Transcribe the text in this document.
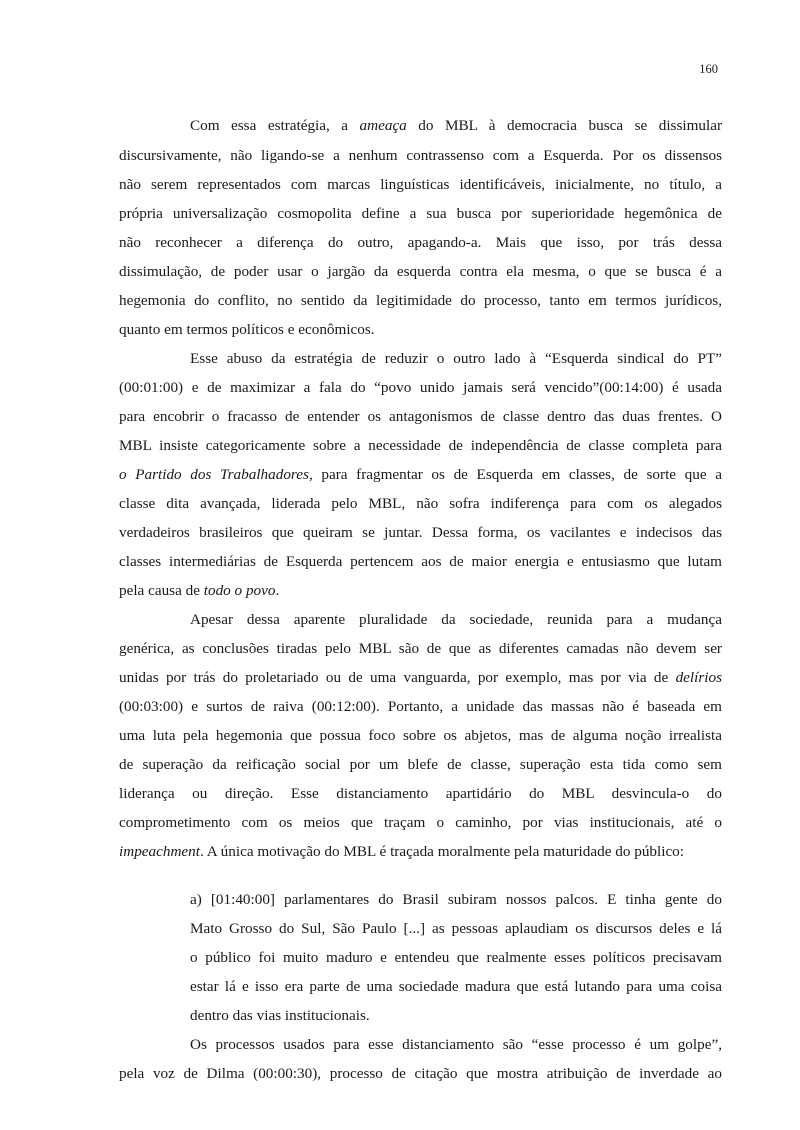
160
Com essa estratégia, a ameaça do MBL à democracia busca se dissimular
discursivamente, não ligando-se a nenhum contrassenso com a Esquerda. Por os dissensos
não serem representados com marcas linguísticas identificáveis, inicialmente, no título, a
própria universalização cosmopolita define a sua busca por superioridade hegemônica de
não reconhecer a diferença do outro, apagando-a. Mais que isso, por trás dessa
dissimulação, de poder usar o jargão da esquerda contra ela mesma, o que se busca é a
hegemonia do conflito, no sentido da legitimidade do processo, tanto em termos jurídicos,
quanto em termos políticos e econômicos.
Esse abuso da estratégia de reduzir o outro lado à “Esquerda sindical do PT”
(00:01:00) e de maximizar a fala do “povo unido jamais será vencido”(00:14:00) é usada
para encobrir o fracasso de entender os antagonismos de classe dentro das duas frentes. O
MBL insiste categoricamente sobre a necessidade de independência de classe completa para
o Partido dos Trabalhadores, para fragmentar os de Esquerda em classes, de sorte que a
classe dita avançada, liderada pelo MBL, não sofra indiferença para com os alegados
verdadeiros brasileiros que queiram se juntar. Dessa forma, os vacilantes e indecisos das
classes intermediárias de Esquerda pertencem aos de maior energia e entusiasmo que lutam
pela causa de todo o povo.
Apesar dessa aparente pluralidade da sociedade, reunida para a mudança
genérica, as conclusões tiradas pelo MBL são de que as diferentes camadas não devem ser
unidas por trás do proletariado ou de uma vanguarda, por exemplo, mas por via de delírios
(00:03:00) e surtos de raiva (00:12:00). Portanto, a unidade das massas não é baseada em
uma luta pela hegemonia que possua foco sobre os abjetos, mas de alguma noção irrealista
de superação da reificação social por um blefe de classe, superação esta tida como sem
liderança ou direção. Esse distanciamento apartidário do MBL desvincula-o do
comprometimento com os meios que traçam o caminho, por vias institucionais, até o
impeachment. A única motivação do MBL é traçada moralmente pela maturidade do público:
a) [01:40:00] parlamentares do Brasil subiram nossos palcos. E tinha gente do
Mato Grosso do Sul, São Paulo [...] as pessoas aplaudiam os discursos deles e lá
o público foi muito maduro e entendeu que realmente esses políticos precisavam
estar lá e isso era parte de uma sociedade madura que está lutando para uma coisa
dentro das vias institucionais.
Os processos usados para esse distanciamento são “esse processo é um golpe”,
pela voz de Dilma (00:00:30), processo de citação que mostra atribuição de inverdade ao
